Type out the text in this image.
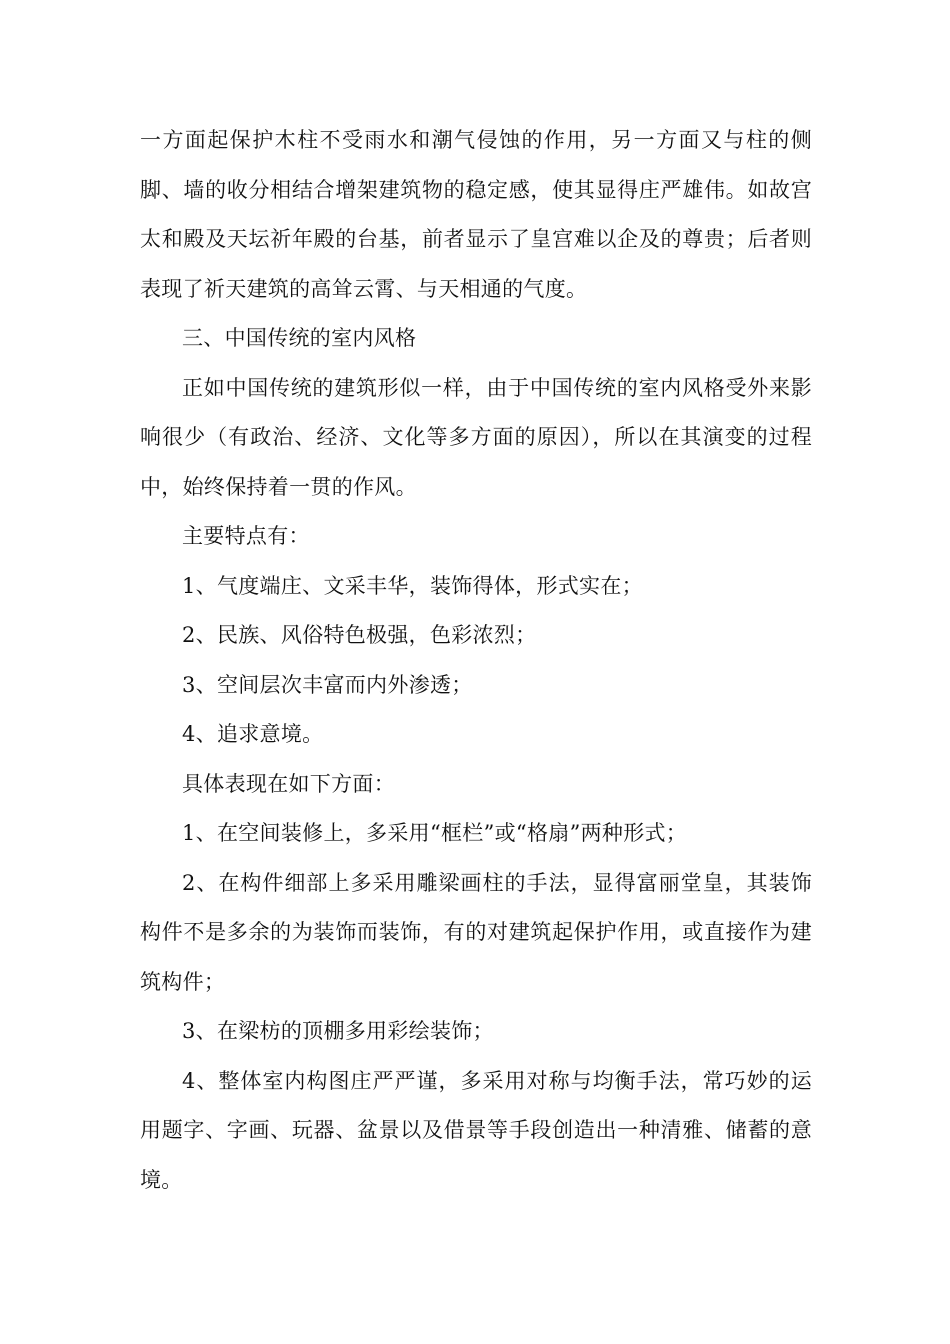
一方面起保护木柱不受雨水和潮气侵蚀的作用，另一方面又与柱的侧脚、墙的收分相结合增架建筑物的稳定感，使其显得庄严雄伟。如故宫太和殿及天坛祈年殿的台基，前者显示了皇宫难以企及的尊贵；后者则表现了祈天建筑的高耸云霄、与天相通的气度。

三、中国传统的室内风格

正如中国传统的建筑形似一样，由于中国传统的室内风格受外来影响很少（有政治、经济、文化等多方面的原因），所以在其演变的过程中，始终保持着一贯的作风。

主要特点有：

1、气度端庄、文采丰华，装饰得体，形式实在；

2、民族、风俗特色极强，色彩浓烈；

3、空间层次丰富而内外渗透；

4、追求意境。

具体表现在如下方面：

1、在空间装修上，多采用“框栏”或“格扇”两种形式；

2、在构件细部上多采用雕梁画柱的手法，显得富丽堂皇，其装饰构件不是多余的为装饰而装饰，有的对建筑起保护作用，或直接作为建筑构件；

3、在梁枋的顶棚多用彩绘装饰；

4、整体室内构图庄严严谨，多采用对称与均衡手法，常巧妙的运用题字、字画、玩器、盆景以及借景等手段创造出一种清雅、储蓄的意境。
